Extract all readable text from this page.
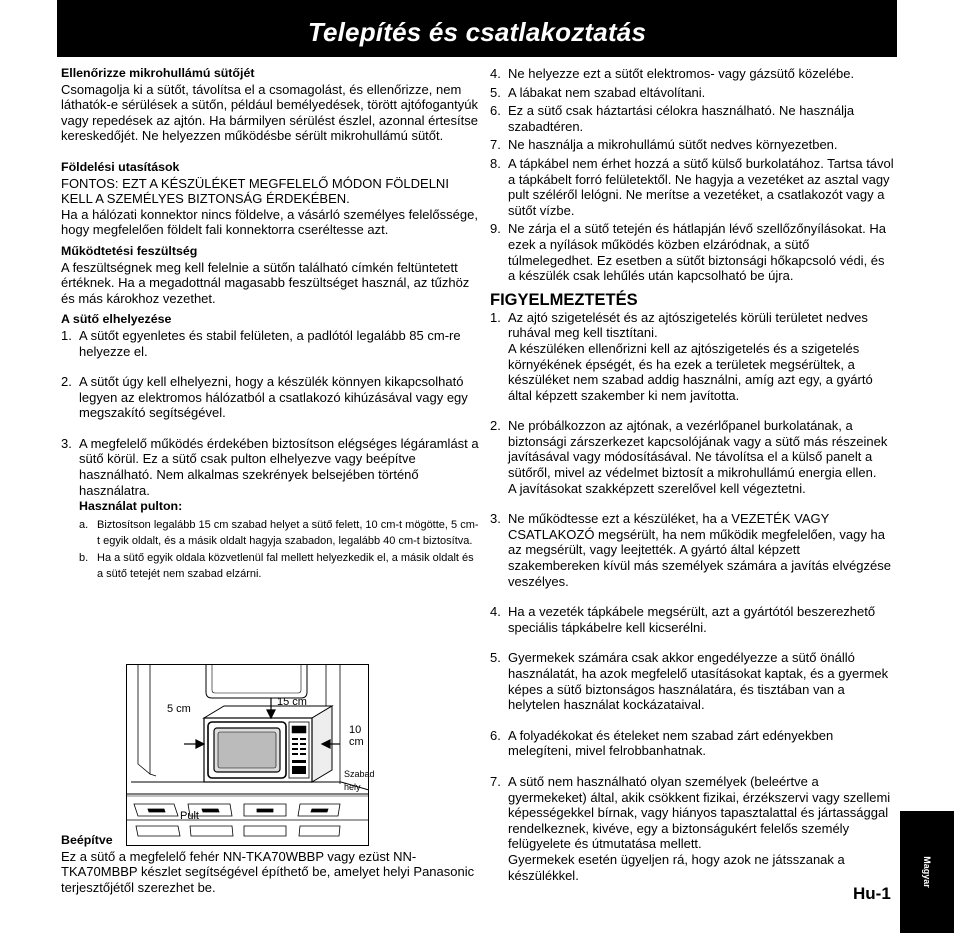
Telepítés és csatlakoztatás

Ellenőrizze mikrohullámú sütőjét

Csomagolja ki a sütőt, távolítsa el a csomagolást, és ellenőrizze, nem láthatók-e sérülések a sütőn, például bemélyedések, törött ajtófogantyúk vagy repedések az ajtón. Ha bármilyen sérülést észlel, azonnal értesítse kereskedőjét. Ne helyezzen működésbe sérült mikrohullámú sütőt.

Földelési utasítások

FONTOS: EZT A KÉSZÜLÉKET MEGFELELŐ MÓDON FÖLDELNI KELL A SZEMÉLYES BIZTONSÁG ÉRDEKÉBEN.

Ha a hálózati konnektor nincs földelve, a vásárló személyes felelőssége, hogy megfelelően földelt fali konnektorra cseréltesse azt.

Működtetési feszültség

A feszültségnek meg kell felelnie a sütőn található címkén feltüntetett értéknek. Ha a megadottnál magasabb feszültséget használ, az tűzhöz és más károkhoz vezethet.

A sütő elhelyezése

1. A sütőt egyenletes és stabil felületen, a padlótól legalább 85 cm-re helyezze el.
2. A sütőt úgy kell elhelyezni, hogy a készülék könnyen kikapcsolható legyen az elektromos hálózatból a csatlakozó kihúzásával vagy egy megszakító segítségével.
3. A megfelelő működés érdekében biztosítson elégséges légáramlást a sütő körül. Ez a sütő csak pulton elhelyezve vagy beépítve használható. Nem alkalmas szekrények belsejében történő használatra.
Használat pulton:
a. Biztosítson legalább 15 cm szabad helyet a sütő felett, 10 cm-t mögötte, 5 cm-t egyik oldalt, és a másik oldalt hagyja szabadon, legalább 40 cm-t biztosítva.
b. Ha a sütő egyik oldala közvetlenül fal mellett helyezkedik el, a másik oldalt és a sütő tetejét nem szabad elzárni.
5 cm
15 cm
10 cm
Szabad
hely
Pult

Beépítve

Ez a sütő a megfelelő fehér NN-TKA70WBBP vagy ezüst NN-TKA70MBBP készlet segítségével építhető be, amelyet helyi Panasonic terjesztőjétől szerezhet be.

4. Ne helyezze ezt a sütőt elektromos- vagy gázsütő közelébe.
5. A lábakat nem szabad eltávolítani.
6. Ez a sütő csak háztartási célokra használható. Ne használja szabadtéren.
7. Ne használja a mikrohullámú sütőt nedves környezetben.
8. A tápkábel nem érhet hozzá a sütő külső burkolatához. Tartsa távol a tápkábelt forró felületektől. Ne hagyja a vezetéket az asztal vagy pult széléről lelógni. Ne merítse a vezetéket, a csatlakozót vagy a sütőt vízbe.
9. Ne zárja el a sütő tetején és hátlapján lévő szellőzőnyílásokat. Ha ezek a nyílások működés közben elzáródnak, a sütő túlmelegedhet. Ez esetben a sütőt biztonsági hőkapcsoló védi, és a készülék csak lehűlés után kapcsolható be újra.

FIGYELMEZTETÉS

1. Az ajtó szigetelését és az ajtószigetelés körüli területet nedves ruhával meg kell tisztítani.
A készüléken ellenőrizni kell az ajtószigetelés és a szigetelés környékének épségét, és ha ezek a területek megsérültek, a készüléket nem szabad addig használni, amíg azt egy, a gyártó által képzett szakember ki nem javította.
2. Ne próbálkozzon az ajtónak, a vezérlőpanel burkolatának, a biztonsági zárszerkezet kapcsolójának vagy a sütő más részeinek javításával vagy módosításával. Ne távolítsa el a külső panelt a sütőről, mivel az védelmet biztosít a mikrohullámú energia ellen.
A javításokat szakképzett szerelővel kell végeztetni.
3. Ne működtesse ezt a készüléket, ha a VEZETÉK VAGY CSATLAKOZÓ megsérült, ha nem működik megfelelően, vagy ha az megsérült, vagy leejtették. A gyártó által képzett szakembereken kívül más személyek számára a javítás elvégzése veszélyes.
4. Ha a vezeték tápkábele megsérült, azt a gyártótól beszerezhető speciális tápkábelre kell kicserélni.
5. Gyermekek számára csak akkor engedélyezze a sütő önálló használatát, ha azok megfelelő utasításokat kaptak, és a gyermek képes a sütő biztonságos használatára, és tisztában van a helytelen használat kockázataival.
6. A folyadékokat és ételeket nem szabad zárt edényekben melegíteni, mivel felrobbanhatnak.
7. A sütő nem használható olyan személyek (beleértve a gyermekeket) által, akik csökkent fizikai, érzékszervi vagy szellemi képességekkel bírnak, vagy hiányos tapasztalattal és jártassággal rendelkeznek, kivéve, egy a biztonságukért felelős személy felügyelete és útmutatása mellett.
Gyermekek esetén ügyeljen rá, hogy azok ne játsszanak a készülékkel.	Magyar
Hu-1
